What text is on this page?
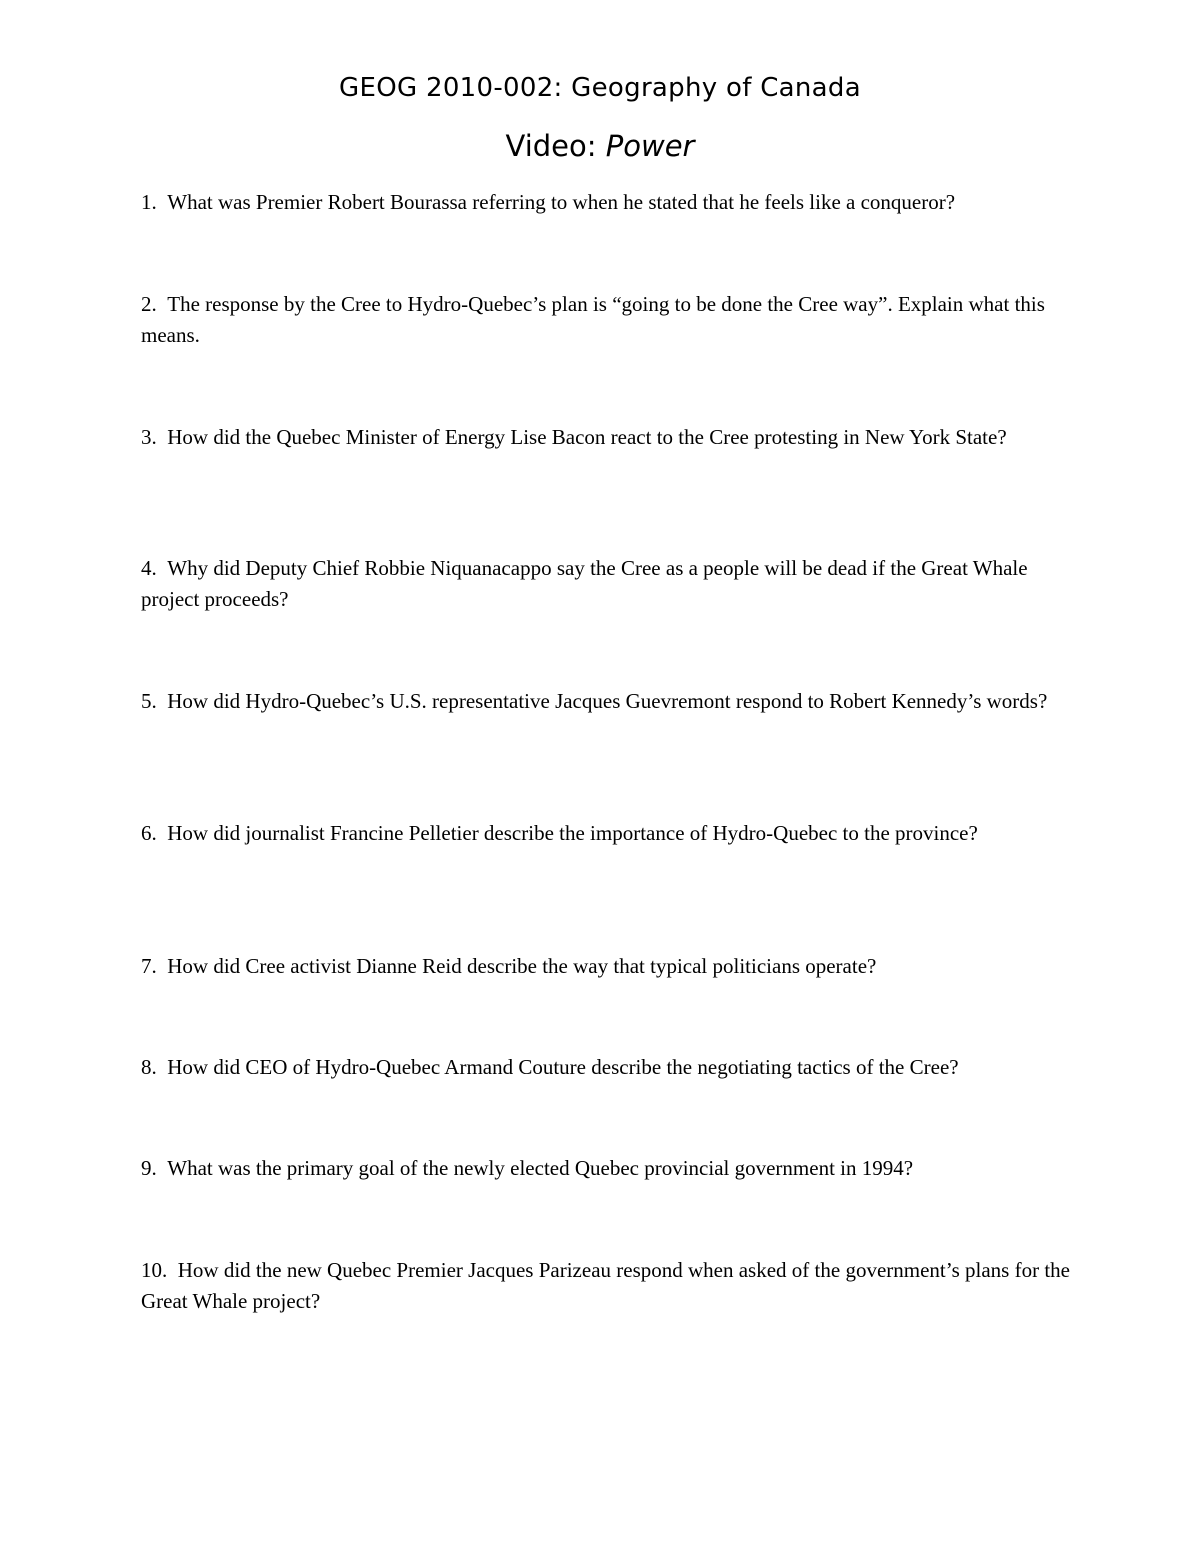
GEOG 2010-002: Geography of Canada
Video: Power

1. What was Premier Robert Bourassa referring to when he stated that he feels like a conqueror?

2. The response by the Cree to Hydro-Quebec’s plan is “going to be done the Cree way”. Explain what this means.

3. How did the Quebec Minister of Energy Lise Bacon react to the Cree protesting in New York State?

4. Why did Deputy Chief Robbie Niquanacappo say the Cree as a people will be dead if the Great Whale project proceeds?

5. How did Hydro-Quebec’s U.S. representative Jacques Guevremont respond to Robert Kennedy’s words?

6. How did journalist Francine Pelletier describe the importance of Hydro-Quebec to the province?

7. How did Cree activist Dianne Reid describe the way that typical politicians operate?

8. How did CEO of Hydro-Quebec Armand Couture describe the negotiating tactics of the Cree?

9. What was the primary goal of the newly elected Quebec provincial government in 1994?

10. How did the new Quebec Premier Jacques Parizeau respond when asked of the government’s plans for the Great Whale project?
